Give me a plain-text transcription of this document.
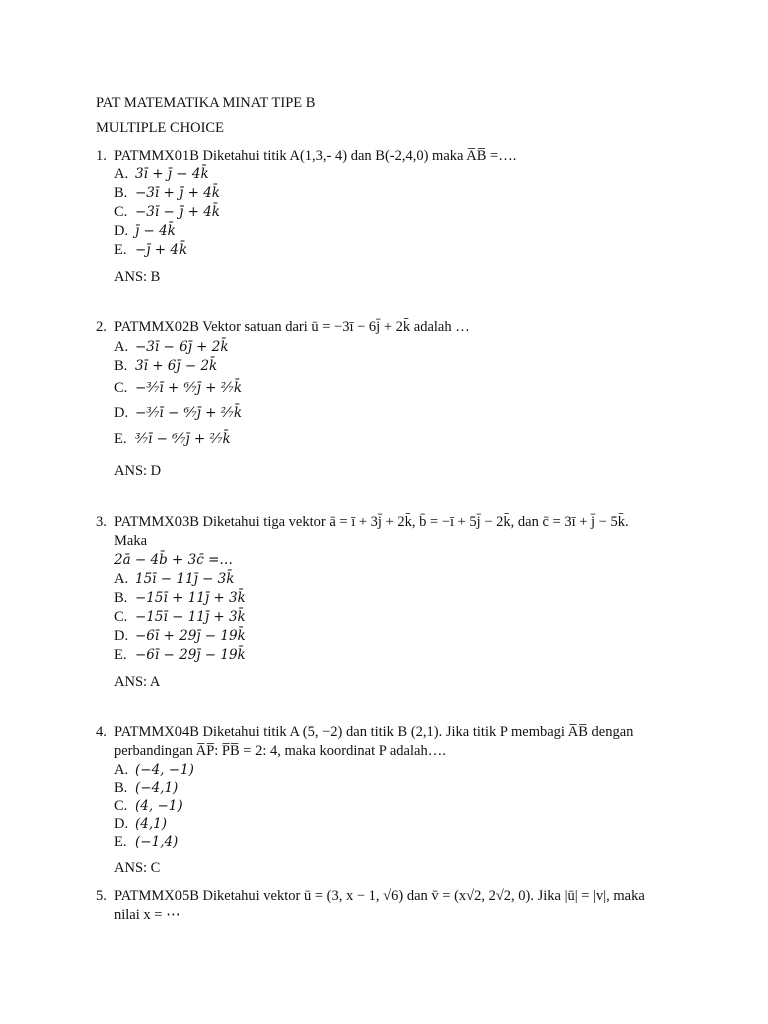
PAT MATEMATIKA MINAT TIPE B
MULTIPLE CHOICE
1. PATMMX01B Diketahui titik A(1,3,- 4) dan B(-2,4,0) maka A̅B̅ =….
A. 3ī + j̄ − 4k̄
B. −3ī + j̄ + 4k̄
C. −3ī − j̄ + 4k̄
D. j̄ − 4k̄
E. −j̄ + 4k̄
ANS: B
2. PATMMX02B Vektor satuan dari ū = −3ī − 6j̄ + 2k̄ adalah …
A. −3ī − 6j̄ + 2k̄
B. 3ī + 6j̄ − 2k̄
C. −³⁄₇ī + ⁶⁄₇j̄ + ²⁄₇k̄
D. −³⁄₇ī − ⁶⁄₇j̄ + ²⁄₇k̄
E. ³⁄₇ī − ⁶⁄₇j̄ + ²⁄₇k̄
ANS: D
3. PATMMX03B Diketahui tiga vektor ā = ī + 3j̄ + 2k̄, b̄ = −ī + 5j̄ − 2k̄, dan c̄ = 3ī + j̄ − 5k̄.
Maka
2ā − 4b̄ + 3c̄ =…
A. 15ī − 11j̄ − 3k̄
B. −15ī + 11j̄ + 3k̄
C. −15ī − 11j̄ + 3k̄
D. −6ī + 29j̄ − 19k̄
E. −6ī − 29j̄ − 19k̄
ANS: A
4. PATMMX04B Diketahui titik A (5, −2) dan titik B (2,1). Jika titik P membagi A̅B̅ dengan
perbandingan A̅P̅: P̅B̅ = 2: 4, maka koordinat P adalah….
A. (−4, −1)
B. (−4,1)
C. (4, −1)
D. (4,1)
E. (−1,4)
ANS: C
5. PATMMX05B Diketahui vektor ū = (3, x − 1, √6) dan v̄ = (x√2, 2√2, 0). Jika |ū| = |v|, maka
nilai x = ⋯
